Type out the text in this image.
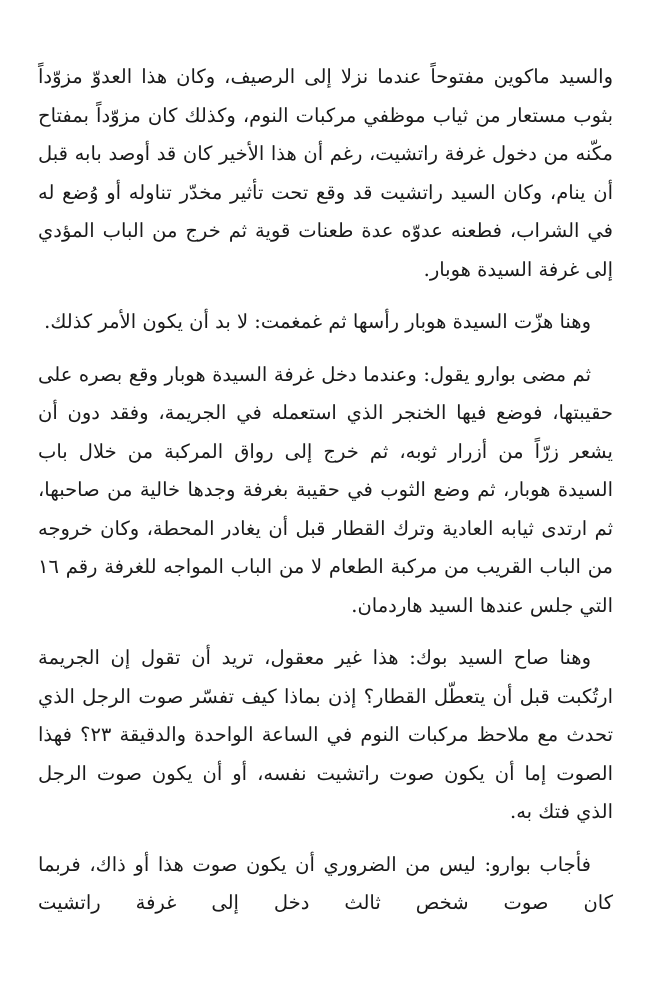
والسيد ماكوين مفتوحاً عندما نزلا إلى الرصيف، وكان هذا العدوّ مزوّداً بثوب مستعار من ثياب موظفي مركبات النوم، وكذلك كان مزوّداً بمفتاح مكّنه من دخول غرفة راتشيت، رغم أن هذا الأخير كان قد أوصد بابه قبل أن ينام، وكان السيد راتشيت قد وقع تحت تأثير مخدّر تناوله أو وُضع له في الشراب، فطعنه عدوّه عدة طعنات قوية ثم خرج من الباب المؤدي إلى غرفة السيدة هوبار.

وهنا هزّت السيدة هوبار رأسها ثم غمغمت: لا بد أن يكون الأمر كذلك.

ثم مضى بوارو يقول: وعندما دخل غرفة السيدة هوبار وقع بصره على حقيبتها، فوضع فيها الخنجر الذي استعمله في الجريمة، وفقد دون أن يشعر زرّاً من أزرار ثوبه، ثم خرج إلى رواق المركبة من خلال باب السيدة هوبار، ثم وضع الثوب في حقيبة بغرفة وجدها خالية من صاحبها، ثم ارتدى ثيابه العادية وترك القطار قبل أن يغادر المحطة، وكان خروجه من الباب القريب من مركبة الطعام لا من الباب المواجه للغرفة رقم ١٦ التي جلس عندها السيد هاردمان.

وهنا صاح السيد بوك: هذا غير معقول، تريد أن تقول إن الجريمة ارتُكبت قبل أن يتعطّل القطار؟ إذن بماذا كيف تفسّر صوت الرجل الذي تحدث مع ملاحظ مركبات النوم في الساعة الواحدة والدقيقة ٢٣؟ فهذا الصوت إما أن يكون صوت راتشيت نفسه، أو أن يكون صوت الرجل الذي فتك به.

فأجاب بوارو: ليس من الضروري أن يكون صوت هذا أو ذاك، فربما كان صوت شخص ثالث دخل إلى غرفة راتشيت
